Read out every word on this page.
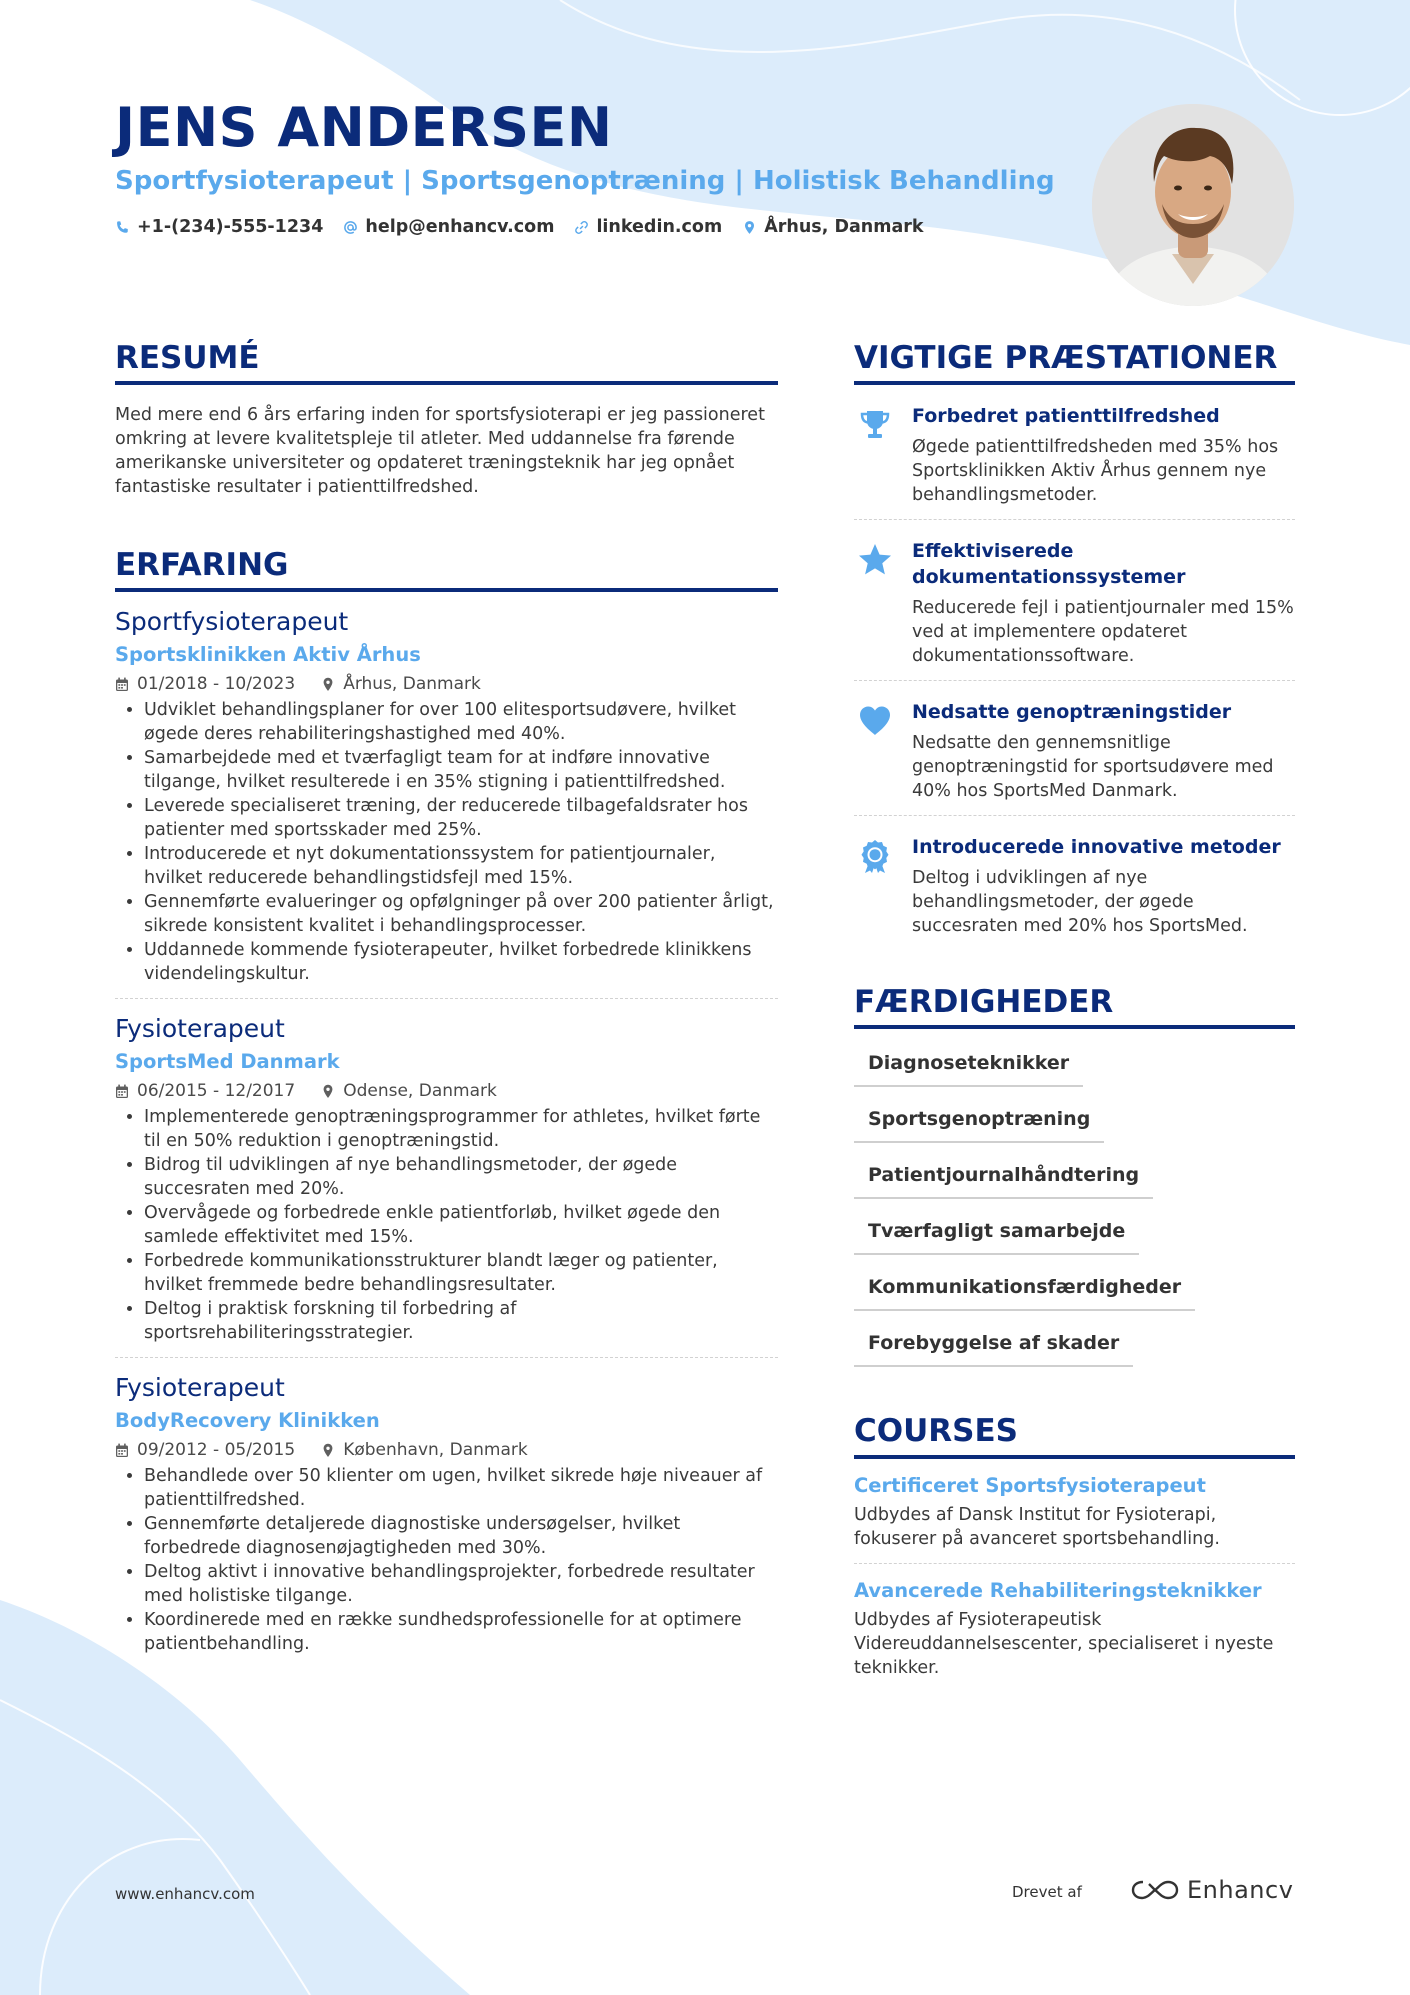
JENS ANDERSEN
Sportfysioterapeut | Sportsgenoptræning | Holistisk Behandling
+1-(234)-555-1234 help@enhancv.com linkedin.com Århus, Danmark
RESUMÉ
Med mere end 6 års erfaring inden for sportsfysioterapi er jeg passioneret omkring at levere kvalitetspleje til atleter. Med uddannelse fra førende amerikanske universiteter og opdateret træningsteknik har jeg opnået fantastiske resultater i patienttilfredshed.
ERFARING
Sportfysioterapeut
Sportsklinikken Aktiv Århus
01/2018 - 10/2023	Århus, Danmark
• Udviklet behandlingsplaner for over 100 elitesportsudøvere, hvilket øgede deres rehabiliteringshastighed med 40%.
• Samarbejdede med et tværfagligt team for at indføre innovative tilgange, hvilket resulterede i en 35% stigning i patienttilfredshed.
• Leverede specialiseret træning, der reducerede tilbagefaldsrater hos patienter med sportsskader med 25%.
• Introducerede et nyt dokumentationssystem for patientjournaler, hvilket reducerede behandlingstidsfejl med 15%.
• Gennemførte evalueringer og opfølgninger på over 200 patienter årligt, sikrede konsistent kvalitet i behandlingsprocesser.
• Uddannede kommende fysioterapeuter, hvilket forbedrede klinikkens videndelingskultur.
Fysioterapeut
SportsMed Danmark
06/2015 - 12/2017	Odense, Danmark
• Implementerede genoptræningsprogrammer for athletes, hvilket førte til en 50% reduktion i genoptræningstid.
• Bidrog til udviklingen af nye behandlingsmetoder, der øgede succesraten med 20%.
• Overvågede og forbedrede enkle patientforløb, hvilket øgede den samlede effektivitet med 15%.
• Forbedrede kommunikationsstrukturer blandt læger og patienter, hvilket fremmede bedre behandlingsresultater.
• Deltog i praktisk forskning til forbedring af sportsrehabiliteringsstrategier.
Fysioterapeut
BodyRecovery Klinikken
09/2012 - 05/2015	København, Danmark
• Behandlede over 50 klienter om ugen, hvilket sikrede høje niveauer af patienttilfredshed.
• Gennemførte detaljerede diagnostiske undersøgelser, hvilket forbedrede diagnosenøjagtigheden med 30%.
• Deltog aktivt i innovative behandlingsprojekter, forbedrede resultater med holistiske tilgange.
• Koordinerede med en række sundhedsprofessionelle for at optimere patientbehandling.
VIGTIGE PRÆSTATIONER
Forbedret patienttilfredshed
Øgede patienttilfredsheden med 35% hos Sportsklinikken Aktiv Århus gennem nye behandlingsmetoder.
Effektiviserede dokumentationssystemer
Reducerede fejl i patientjournaler med 15% ved at implementere opdateret dokumentationssoftware.
Nedsatte genoptræningstider
Nedsatte den gennemsnitlige genoptræningstid for sportsudøvere med 40% hos SportsMed Danmark.
Introducerede innovative metoder
Deltog i udviklingen af nye behandlingsmetoder, der øgede succesraten med 20% hos SportsMed.
FÆRDIGHEDER
Diagnoseteknikker
Sportsgenoptræning
Patientjournalhåndtering
Tværfagligt samarbejde
Kommunikationsfærdigheder
Forebyggelse af skader
COURSES
Certificeret Sportsfysioterapeut
Udbydes af Dansk Institut for Fysioterapi, fokuserer på avanceret sportsbehandling.
Avancerede Rehabiliteringsteknikker
Udbydes af Fysioterapeutisk Videreuddannelsescenter, specialiseret i nyeste teknikker.
www.enhancv.com	Drevet af	Enhancv
